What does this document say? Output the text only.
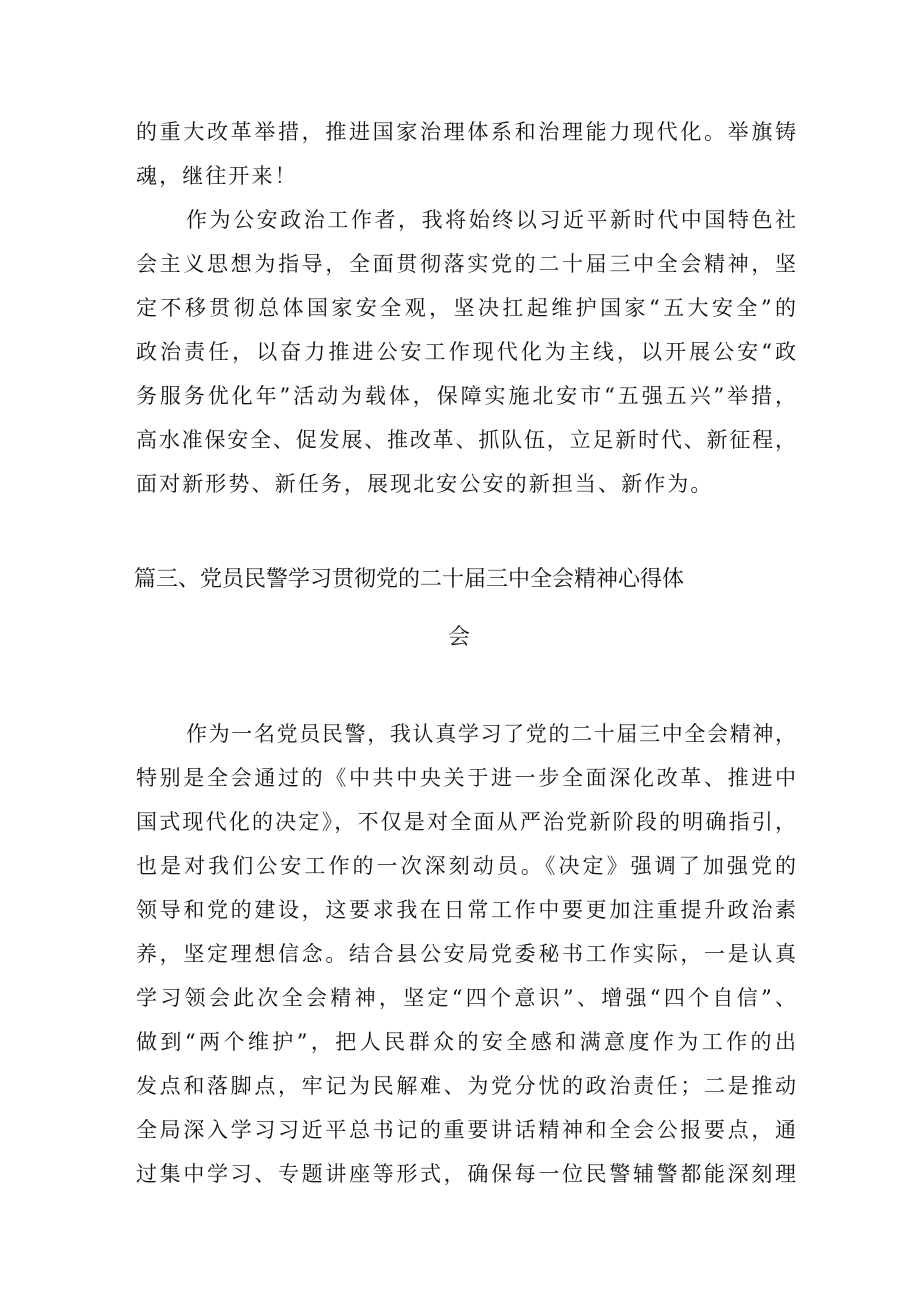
的重大改革举措，推进国家治理体系和治理能力现代化。举旗铸
魂，继往开来！
作为公安政治工作者，我将始终以习近平新时代中国特色社
会主义思想为指导，全面贯彻落实党的二十届三中全会精神，坚
定不移贯彻总体国家安全观，坚决扛起维护国家“五大安全”的
政治责任，以奋力推进公安工作现代化为主线，以开展公安“政
务服务优化年”活动为载体，保障实施北安市“五强五兴”举措，
高水准保安全、促发展、推改革、抓队伍，立足新时代、新征程，
面对新形势、新任务，展现北安公安的新担当、新作为。
篇三、党员民警学习贯彻党的二十届三中全会精神心得体
会
作为一名党员民警，我认真学习了党的二十届三中全会精神，
特别是全会通过的《中共中央关于进一步全面深化改革、推进中
国式现代化的决定》，不仅是对全面从严治党新阶段的明确指引，
也是对我们公安工作的一次深刻动员。《决定》强调了加强党的
领导和党的建设，这要求我在日常工作中要更加注重提升政治素
养，坚定理想信念。结合县公安局党委秘书工作实际，一是认真
学习领会此次全会精神，坚定“四个意识”、增强“四个自信”、
做到“两个维护”，把人民群众的安全感和满意度作为工作的出
发点和落脚点，牢记为民解难、为党分忧的政治责任；二是推动
全局深入学习习近平总书记的重要讲话精神和全会公报要点，通
过集中学习、专题讲座等形式，确保每一位民警辅警都能深刻理
